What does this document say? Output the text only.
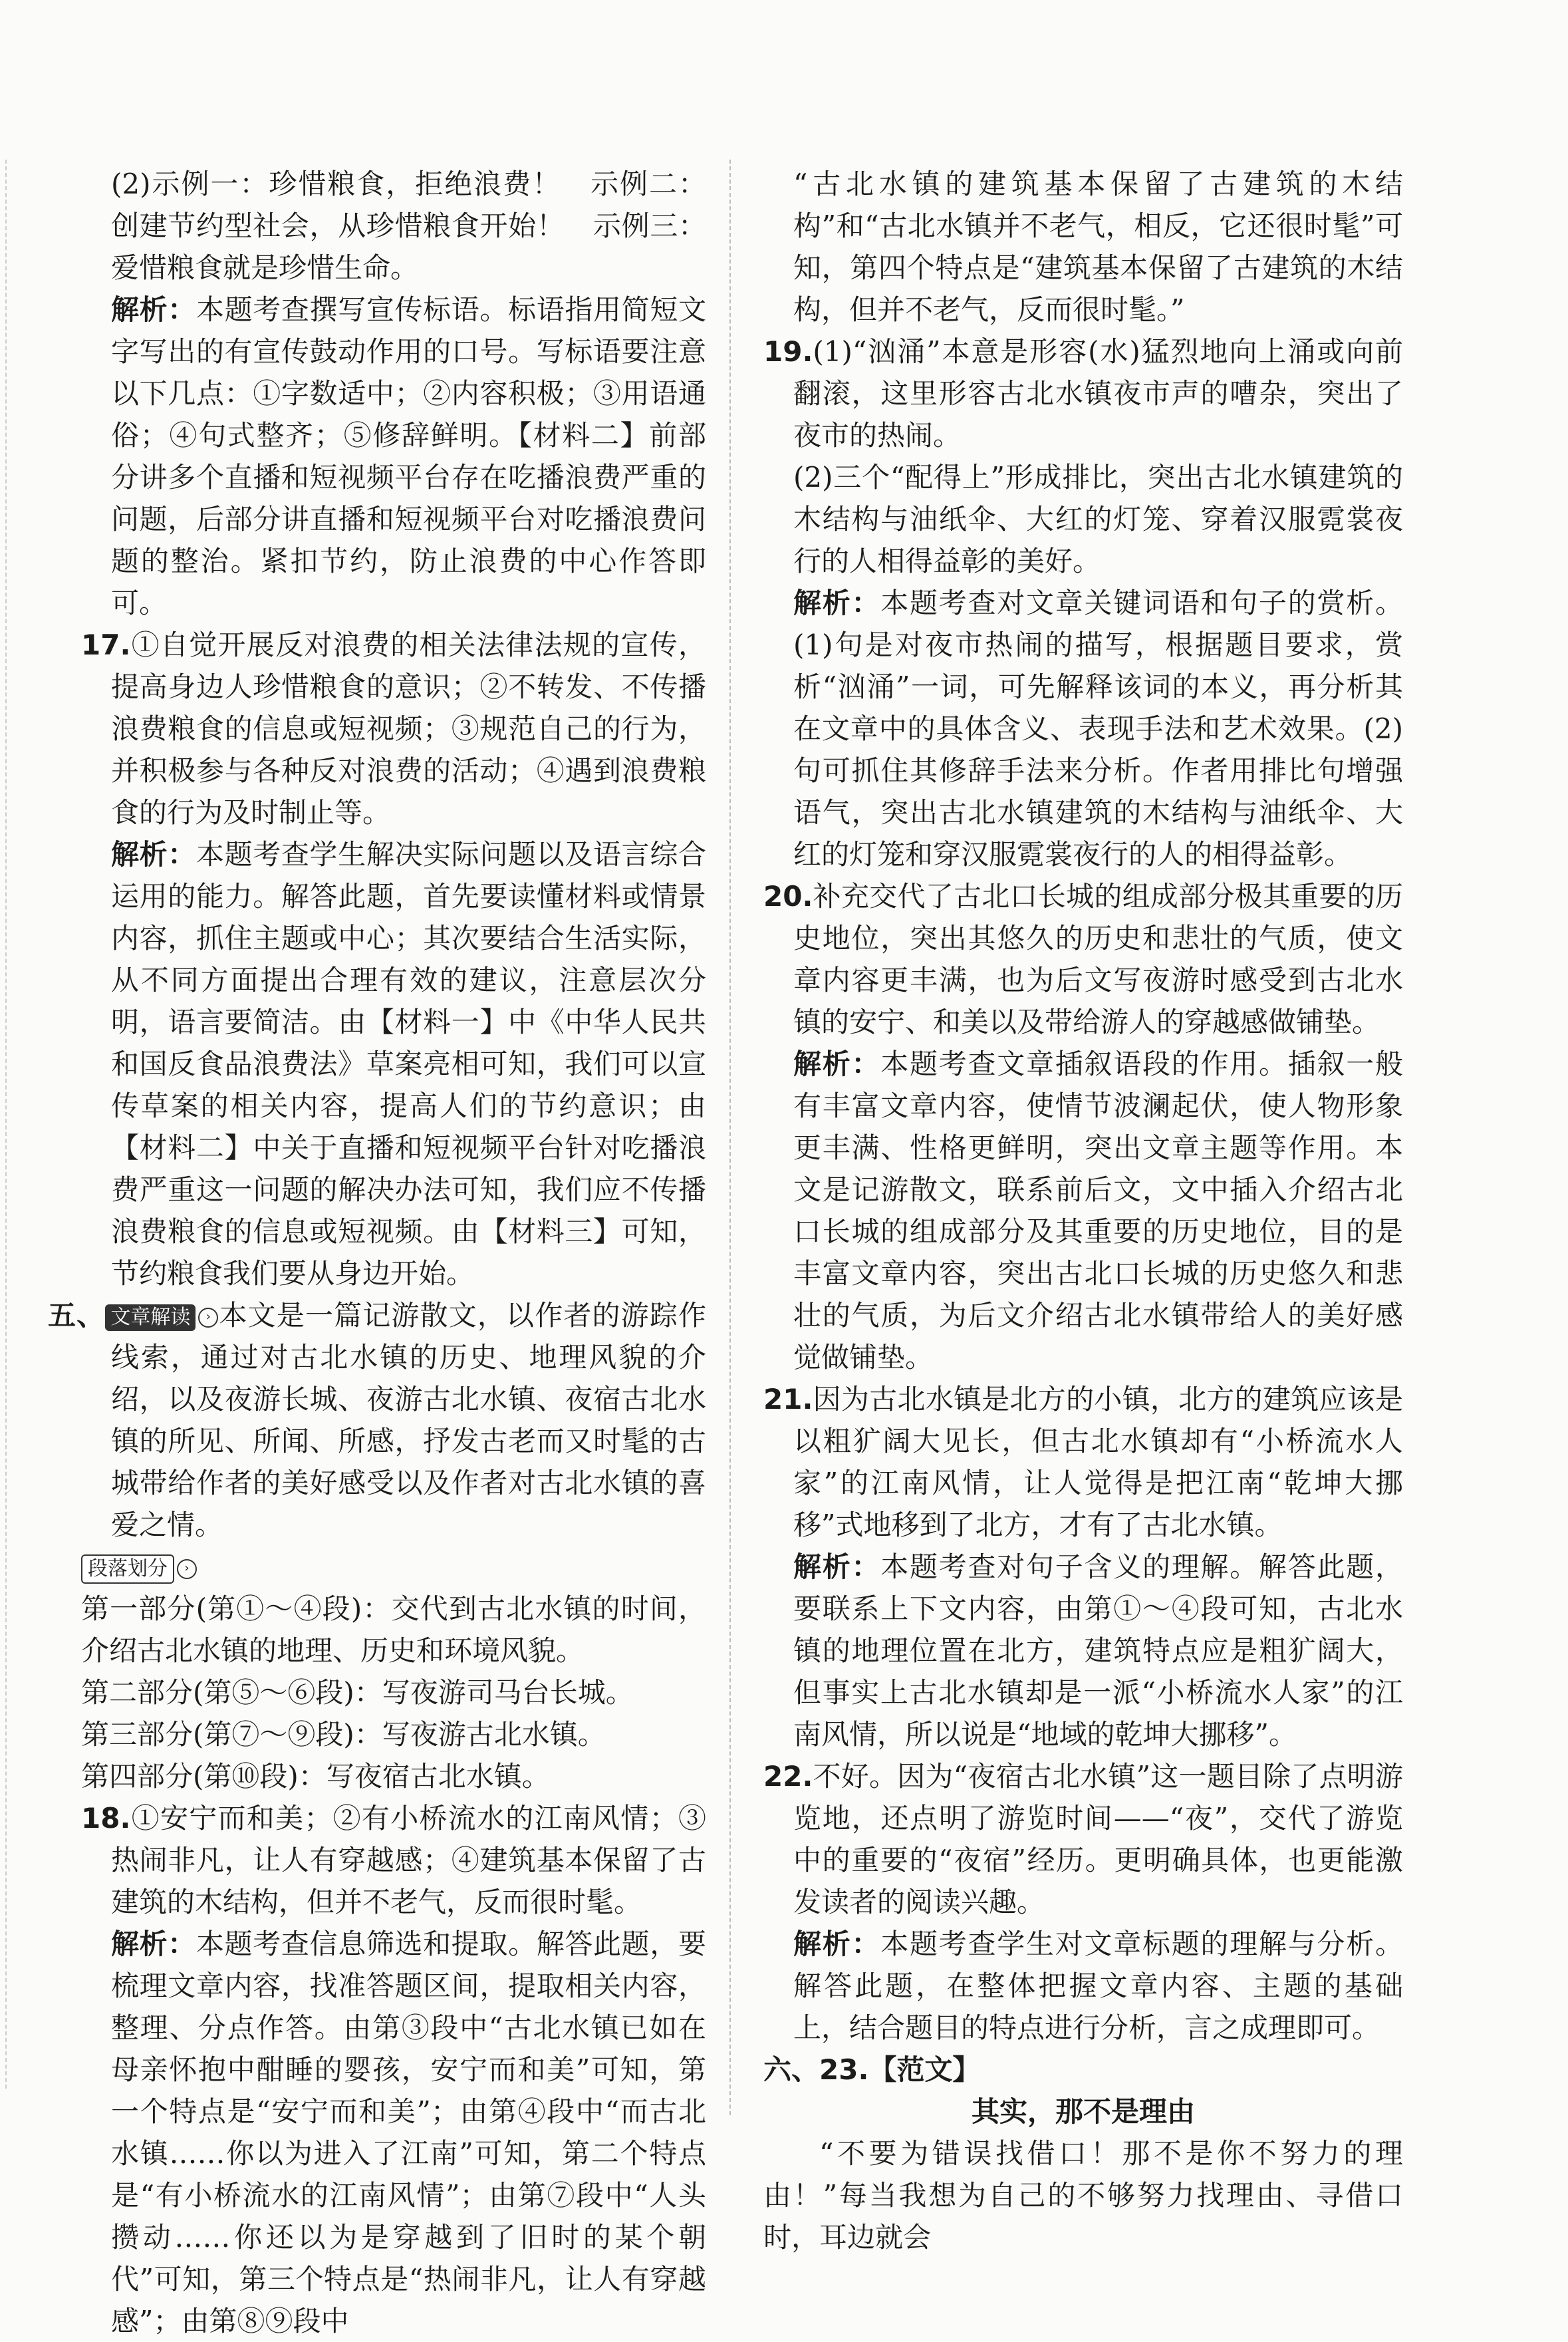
(2)示例一：珍惜粮食，拒绝浪费！　示例二：创建节约型社会，从珍惜粮食开始！　示例三：爱惜粮食就是珍惜生命。

解析：本题考查撰写宣传标语。标语指用简短文字写出的有宣传鼓动作用的口号。写标语要注意以下几点：①字数适中；②内容积极；③用语通俗；④句式整齐；⑤修辞鲜明。【材料二】前部分讲多个直播和短视频平台存在吃播浪费严重的问题，后部分讲直播和短视频平台对吃播浪费问题的整治。紧扣节约，防止浪费的中心作答即可。

17.①自觉开展反对浪费的相关法律法规的宣传，提高身边人珍惜粮食的意识；②不转发、不传播浪费粮食的信息或短视频；③规范自己的行为，并积极参与各种反对浪费的活动；④遇到浪费粮食的行为及时制止等。

解析：本题考查学生解决实际问题以及语言综合运用的能力。解答此题，首先要读懂材料或情景内容，抓住主题或中心；其次要结合生活实际，从不同方面提出合理有效的建议，注意层次分明，语言要简洁。由【材料一】中《中华人民共和国反食品浪费法》草案亮相可知，我们可以宣传草案的相关内容，提高人们的节约意识；由【材料二】中关于直播和短视频平台针对吃播浪费严重这一问题的解决办法可知，我们应不传播浪费粮食的信息或短视频。由【材料三】可知，节约粮食我们要从身边开始。

五、 文章解读 › 本文是一篇记游散文，以作者的游踪作线索，通过对古北水镇的历史、地理风貌的介绍，以及夜游长城、夜游古北水镇、夜宿古北水镇的所见、所闻、所感，抒发古老而又时髦的古城带给作者的美好感受以及作者对古北水镇的喜爱之情。

段落划分 ›

第一部分(第①～④段)：交代到古北水镇的时间，介绍古北水镇的地理、历史和环境风貌。

第二部分(第⑤～⑥段)：写夜游司马台长城。

第三部分(第⑦～⑨段)：写夜游古北水镇。

第四部分(第⑩段)：写夜宿古北水镇。

18.①安宁而和美；②有小桥流水的江南风情；③热闹非凡，让人有穿越感；④建筑基本保留了古建筑的木结构，但并不老气，反而很时髦。

解析：本题考查信息筛选和提取。解答此题，要梳理文章内容，找准答题区间，提取相关内容，整理、分点作答。由第③段中“古北水镇已如在母亲怀抱中酣睡的婴孩，安宁而和美”可知，第一个特点是“安宁而和美”；由第④段中“而古北水镇……你以为进入了江南”可知，第二个特点是“有小桥流水的江南风情”；由第⑦段中“人头攒动……你还以为是穿越到了旧时的某个朝代”可知，第三个特点是“热闹非凡，让人有穿越感”；由第⑧⑨段中

“古北水镇的建筑基本保留了古建筑的木结构”和“古北水镇并不老气，相反，它还很时髦”可知，第四个特点是“建筑基本保留了古建筑的木结构，但并不老气，反而很时髦。”

19.(1)“汹涌”本意是形容(水)猛烈地向上涌或向前翻滚，这里形容古北水镇夜市声的嘈杂，突出了夜市的热闹。

(2)三个“配得上”形成排比，突出古北水镇建筑的木结构与油纸伞、大红的灯笼、穿着汉服霓裳夜行的人相得益彰的美好。

解析：本题考查对文章关键词语和句子的赏析。(1)句是对夜市热闹的描写，根据题目要求，赏析“汹涌”一词，可先解释该词的本义，再分析其在文章中的具体含义、表现手法和艺术效果。(2)句可抓住其修辞手法来分析。作者用排比句增强语气，突出古北水镇建筑的木结构与油纸伞、大红的灯笼和穿汉服霓裳夜行的人的相得益彰。

20.补充交代了古北口长城的组成部分极其重要的历史地位，突出其悠久的历史和悲壮的气质，使文章内容更丰满，也为后文写夜游时感受到古北水镇的安宁、和美以及带给游人的穿越感做铺垫。

解析：本题考查文章插叙语段的作用。插叙一般有丰富文章内容，使情节波澜起伏，使人物形象更丰满、性格更鲜明，突出文章主题等作用。本文是记游散文，联系前后文，文中插入介绍古北口长城的组成部分及其重要的历史地位，目的是丰富文章内容，突出古北口长城的历史悠久和悲壮的气质，为后文介绍古北水镇带给人的美好感觉做铺垫。

21.因为古北水镇是北方的小镇，北方的建筑应该是以粗犷阔大见长，但古北水镇却有“小桥流水人家”的江南风情，让人觉得是把江南“乾坤大挪移”式地移到了北方，才有了古北水镇。

解析：本题考查对句子含义的理解。解答此题，要联系上下文内容，由第①～④段可知，古北水镇的地理位置在北方，建筑特点应是粗犷阔大，但事实上古北水镇却是一派“小桥流水人家”的江南风情，所以说是“地域的乾坤大挪移”。

22.不好。因为“夜宿古北水镇”这一题目除了点明游览地，还点明了游览时间——“夜”，交代了游览中的重要的“夜宿”经历。更明确具体，也更能激发读者的阅读兴趣。

解析：本题考查学生对文章标题的理解与分析。解答此题，在整体把握文章内容、主题的基础上，结合题目的特点进行分析，言之成理即可。

六、23.【范文】

其实，那不是理由

“不要为错误找借口！那不是你不努力的理由！”每当我想为自己的不够努力找理由、寻借口时，耳边就会
